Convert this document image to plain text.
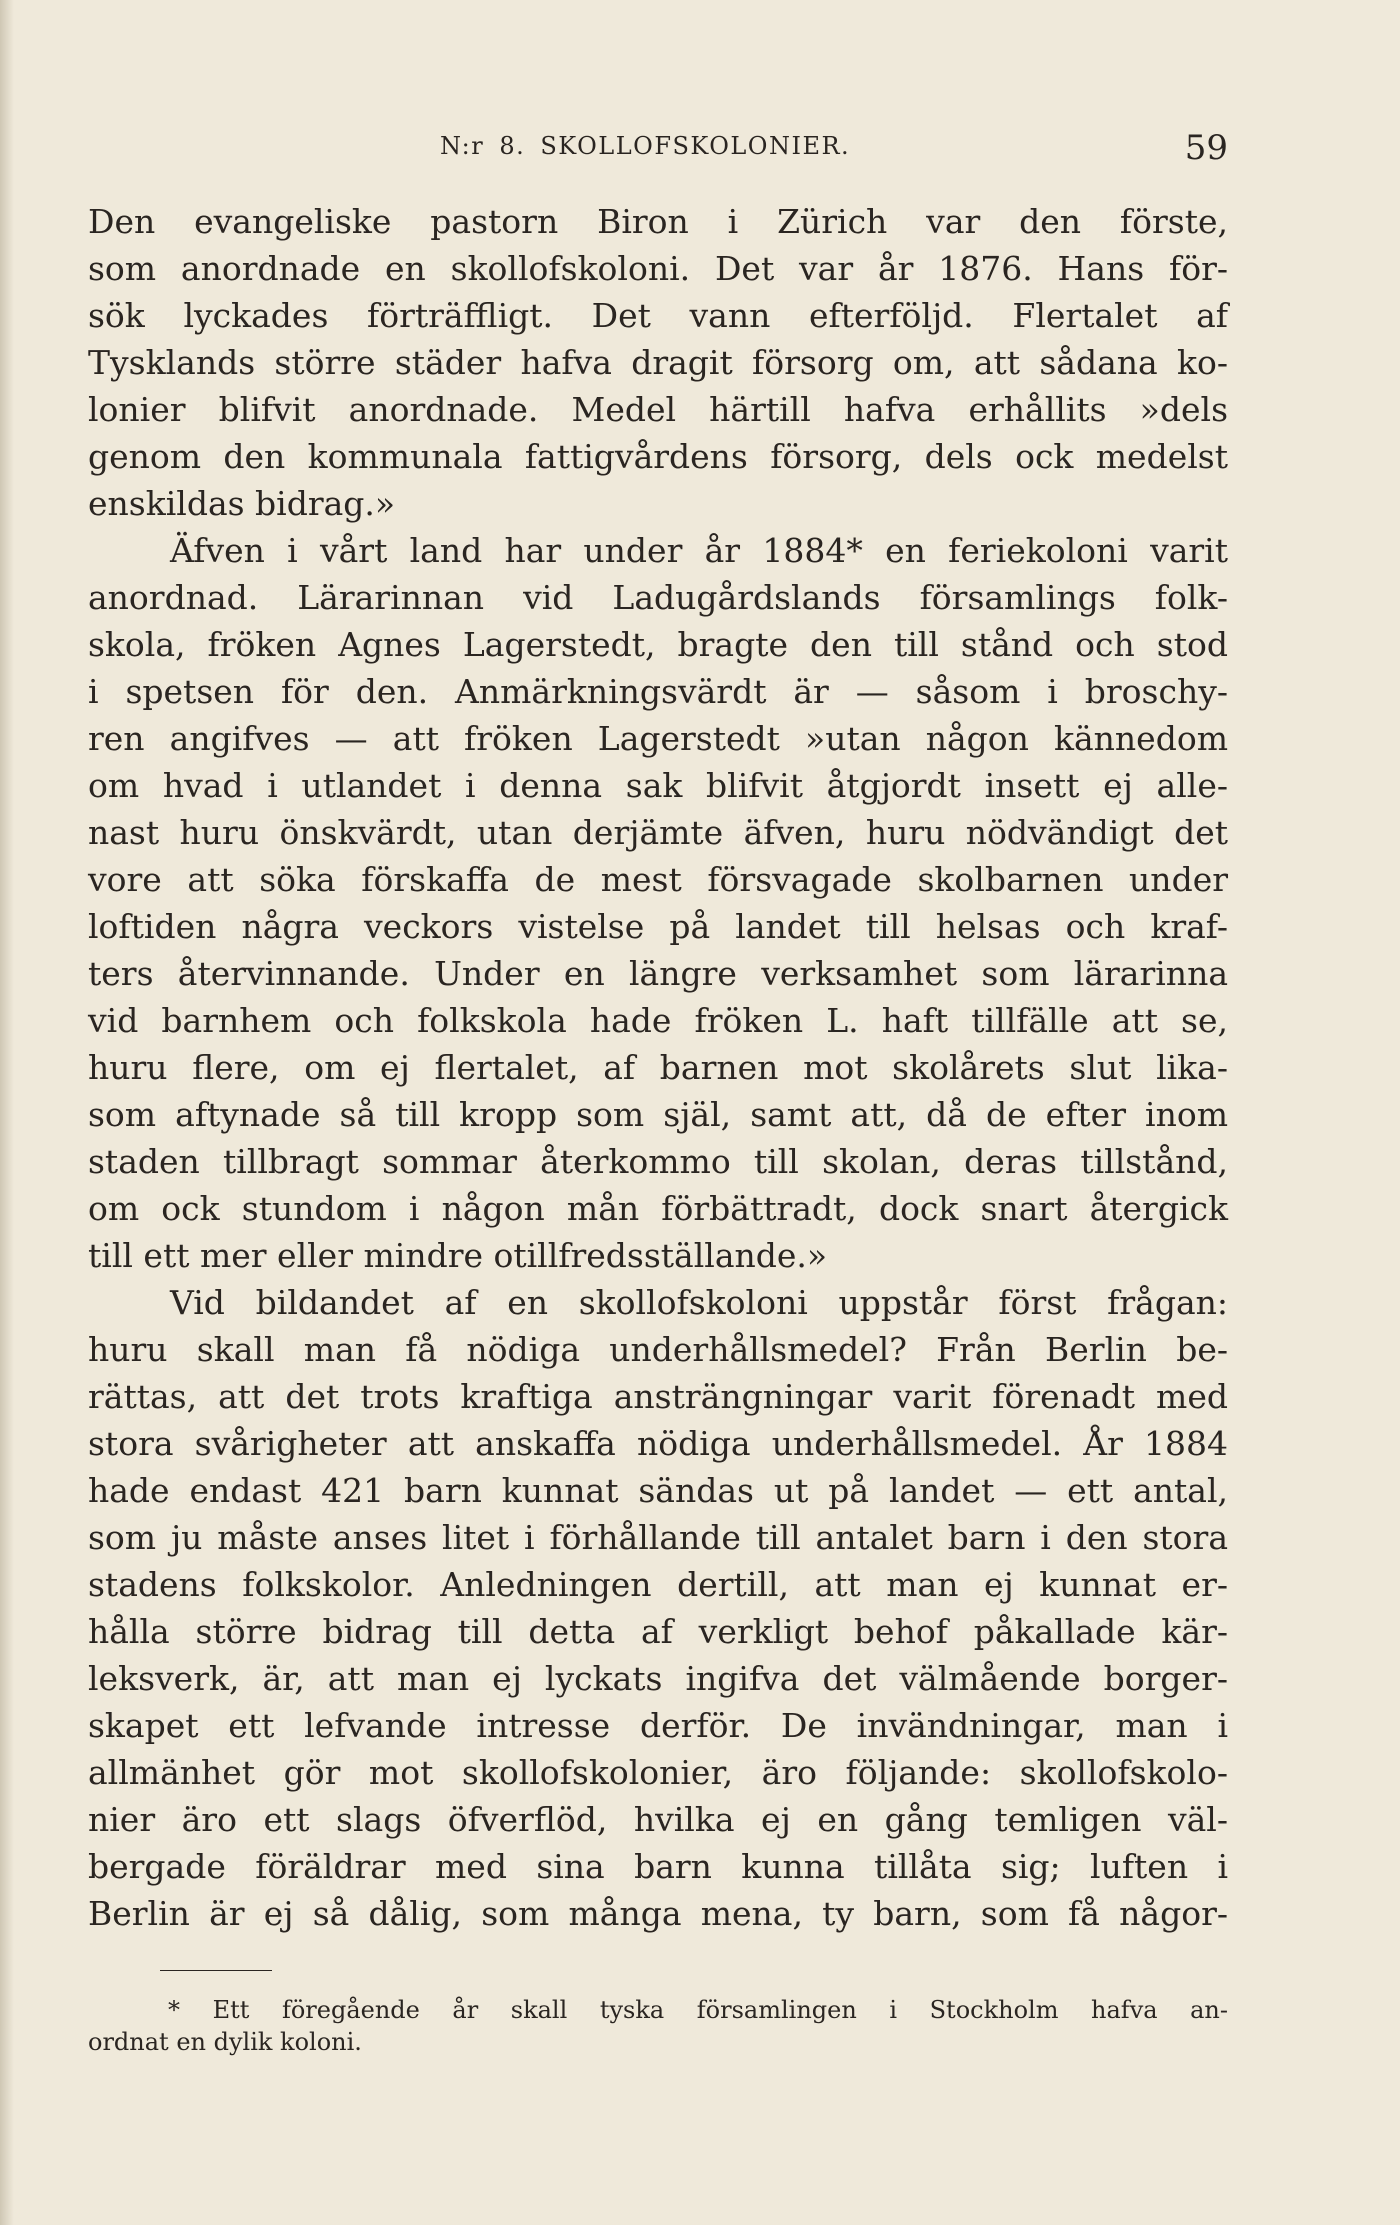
N:r 8. SKOLLOFSKOLONIER.	59
Den evangeliske pastorn Biron i Zürich var den förste,
som anordnade en skollofskoloni. Det var år 1876. Hans för-
sök lyckades förträffligt. Det vann efterföljd. Flertalet af
Tysklands större städer hafva dragit försorg om, att sådana ko-
lonier blifvit anordnade. Medel härtill hafva erhållits »dels
genom den kommunala fattigvårdens försorg, dels ock medelst
enskildas bidrag.»
Äfven i vårt land har under år 1884* en feriekoloni varit
anordnad. Lärarinnan vid Ladugårdslands församlings folk-
skola, fröken Agnes Lagerstedt, bragte den till stånd och stod
i spetsen för den. Anmärkningsvärdt är — såsom i broschy-
ren angifves — att fröken Lagerstedt »utan någon kännedom
om hvad i utlandet i denna sak blifvit åtgjordt insett ej alle-
nast huru önskvärdt, utan derjämte äfven, huru nödvändigt det
vore att söka förskaffa de mest försvagade skolbarnen under
loftiden några veckors vistelse på landet till helsas och kraf-
ters återvinnande. Under en längre verksamhet som lärarinna
vid barnhem och folkskola hade fröken L. haft tillfälle att se,
huru flere, om ej flertalet, af barnen mot skolårets slut lika-
som aftynade så till kropp som själ, samt att, då de efter inom
staden tillbragt sommar återkommo till skolan, deras tillstånd,
om ock stundom i någon mån förbättradt, dock snart återgick
till ett mer eller mindre otillfredsställande.»
Vid bildandet af en skollofskoloni uppstår först frågan:
huru skall man få nödiga underhållsmedel? Från Berlin be-
rättas, att det trots kraftiga ansträngningar varit förenadt med
stora svårigheter att anskaffa nödiga underhållsmedel. År 1884
hade endast 421 barn kunnat sändas ut på landet — ett antal,
som ju måste anses litet i förhållande till antalet barn i den stora
stadens folkskolor. Anledningen dertill, att man ej kunnat er-
hålla större bidrag till detta af verkligt behof påkallade kär-
leksverk, är, att man ej lyckats ingifva det välmående borger-
skapet ett lefvande intresse derför. De invändningar, man i
allmänhet gör mot skollofskolonier, äro följande: skollofskolo-
nier äro ett slags öfverflöd, hvilka ej en gång temligen väl-
bergade föräldrar med sina barn kunna tillåta sig; luften i
Berlin är ej så dålig, som många mena, ty barn, som få någor-
* Ett föregående år skall tyska församlingen i Stockholm hafva an-
ordnat en dylik koloni.
